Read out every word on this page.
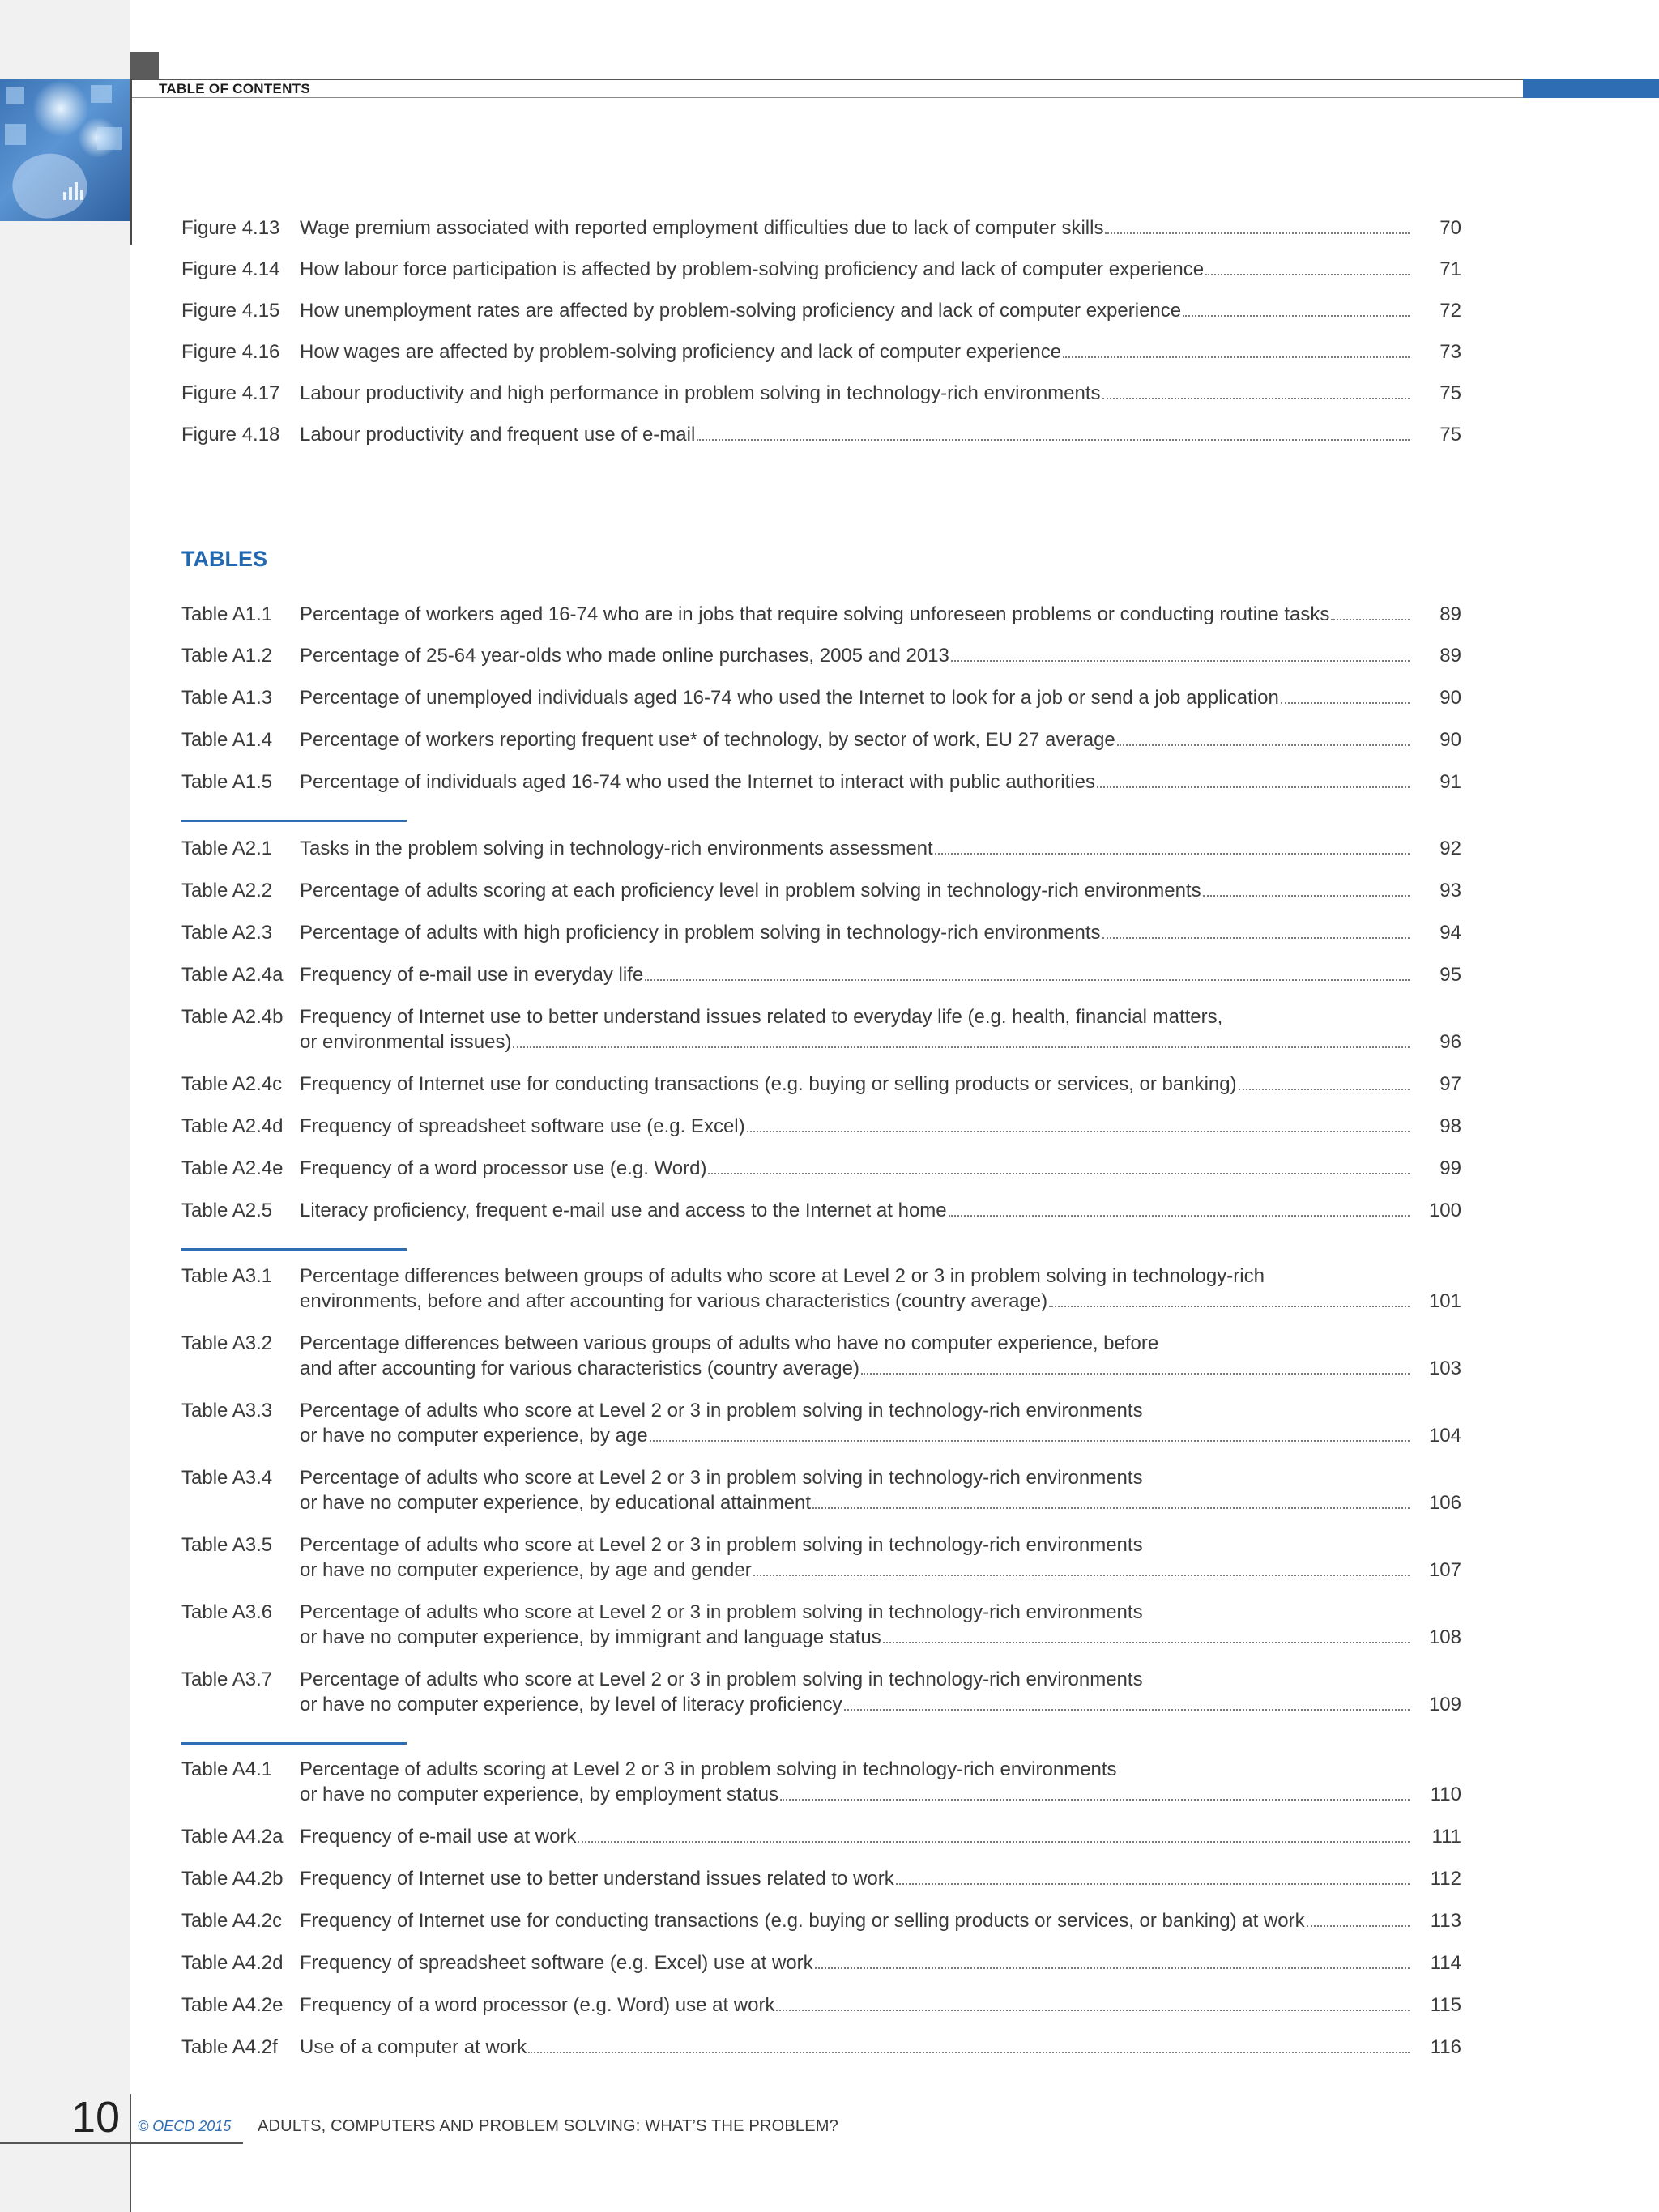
TABLE OF CONTENTS
Figure 4.13 Wage premium associated with reported employment difficulties due to lack of computer skills	70
Figure 4.14 How labour force participation is affected by problem-solving proficiency and lack of computer experience	71
Figure 4.15 How unemployment rates are affected by problem-solving proficiency and lack of computer experience	72
Figure 4.16 How wages are affected by problem-solving proficiency and lack of computer experience	73
Figure 4.17 Labour productivity and high performance in problem solving in technology-rich environments	75
Figure 4.18 Labour productivity and frequent use of e-mail	75
TABLES
Table A1.1 Percentage of workers aged 16-74 who are in jobs that require solving unforeseen problems or conducting routine tasks	89
Table A1.2 Percentage of 25-64 year-olds who made online purchases, 2005 and 2013	89
Table A1.3 Percentage of unemployed individuals aged 16-74 who used the Internet to look for a job or send a job application	90
Table A1.4 Percentage of workers reporting frequent use* of technology, by sector of work, EU 27 average	90
Table A1.5 Percentage of individuals aged 16-74 who used the Internet to interact with public authorities	91
Table A2.1 Tasks in the problem solving in technology-rich environments assessment	92
Table A2.2 Percentage of adults scoring at each proficiency level in problem solving in technology-rich environments	93
Table A2.3 Percentage of adults with high proficiency in problem solving in technology-rich environments	94
Table A2.4a Frequency of e-mail use in everyday life	95
Table A2.4b Frequency of Internet use to better understand issues related to everyday life (e.g. health, financial matters,
or environmental issues)	96
Table A2.4c Frequency of Internet use for conducting transactions (e.g. buying or selling products or services, or banking)	97
Table A2.4d Frequency of spreadsheet software use (e.g. Excel)	98
Table A2.4e Frequency of a word processor use (e.g. Word)	99
Table A2.5 Literacy proficiency, frequent e-mail use and access to the Internet at home	100
Table A3.1 Percentage differences between groups of adults who score at Level 2 or 3 in problem solving in technology-rich
environments, before and after accounting for various characteristics (country average)	101
Table A3.2 Percentage differences between various groups of adults who have no computer experience, before
and after accounting for various characteristics (country average)	103
Table A3.3 Percentage of adults who score at Level 2 or 3 in problem solving in technology-rich environments
or have no computer experience, by age	104
Table A3.4 Percentage of adults who score at Level 2 or 3 in problem solving in technology-rich environments
or have no computer experience, by educational attainment	106
Table A3.5 Percentage of adults who score at Level 2 or 3 in problem solving in technology-rich environments
or have no computer experience, by age and gender	107
Table A3.6 Percentage of adults who score at Level 2 or 3 in problem solving in technology-rich environments
or have no computer experience, by immigrant and language status	108
Table A3.7 Percentage of adults who score at Level 2 or 3 in problem solving in technology-rich environments
or have no computer experience, by level of literacy proficiency	109
Table A4.1 Percentage of adults scoring at Level 2 or 3 in problem solving in technology-rich environments
or have no computer experience, by employment status	110
Table A4.2a Frequency of e-mail use at work	111
Table A4.2b Frequency of Internet use to better understand issues related to work	112
Table A4.2c Frequency of Internet use for conducting transactions (e.g. buying or selling products or services, or banking) at work	113
Table A4.2d Frequency of spreadsheet software (e.g. Excel) use at work	114
Table A4.2e Frequency of a word processor (e.g. Word) use at work	115
Table A4.2f Use of a computer at work	116
10 © OECD 2015 ADULTS, COMPUTERS AND PROBLEM SOLVING: WHAT’S THE PROBLEM?
